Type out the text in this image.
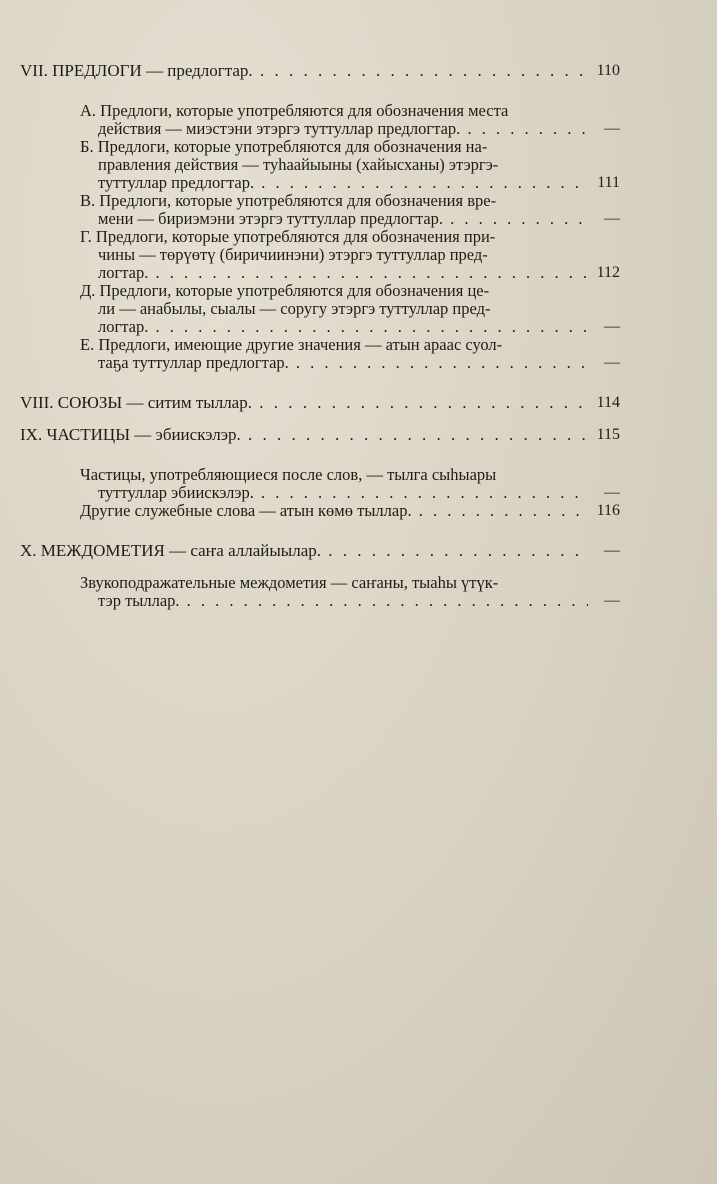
VII. ПРЕДЛОГИ — предлогтар. . . .	110
А. Предлоги, которые употребляются для обозначения места
действия — миэстэни этэргэ туттуллар предлогтар. . . .	—
Б. Предлоги, которые употребляются для обозначения на-
правления действия — туһаайыыны (хайысханы) этэргэ-
туттуллар предлогтар. . . .	111
В. Предлоги, которые употребляются для обозначения вре-
мени — бириэмэни этэргэ туттуллар предлогтар. . . .	—
Г. Предлоги, которые употребляются для обозначения при-
чины — төрүөтү (биричиинэни) этэргэ туттуллар пред-
логтар. . . .	112
Д. Предлоги, которые употребляются для обозначения це-
ли — анабылы, сыалы — соругу этэргэ туттуллар пред-
логтар. . . .	—
Е. Предлоги, имеющие другие значения — атын араас суол-
таҕа туттуллар предлогтар. . . .	—
VIII. СОЮЗЫ — ситим тыллар. . . .	114
IX. ЧАСТИЦЫ — эбиискэлэр. . . .	115
Частицы, употребляющиеся после слов, — тылга сыһыары
туттуллар эбиискэлэр. . . .	—
Другие служебные слова — атын көмө тыллар. . . .	116
X. МЕЖДОМЕТИЯ — саҥа аллайыылар. . . .	—
Звукоподражательные междометия — саҥаны, тыаһы үтүк-
тэр тыллар. . . .	—
